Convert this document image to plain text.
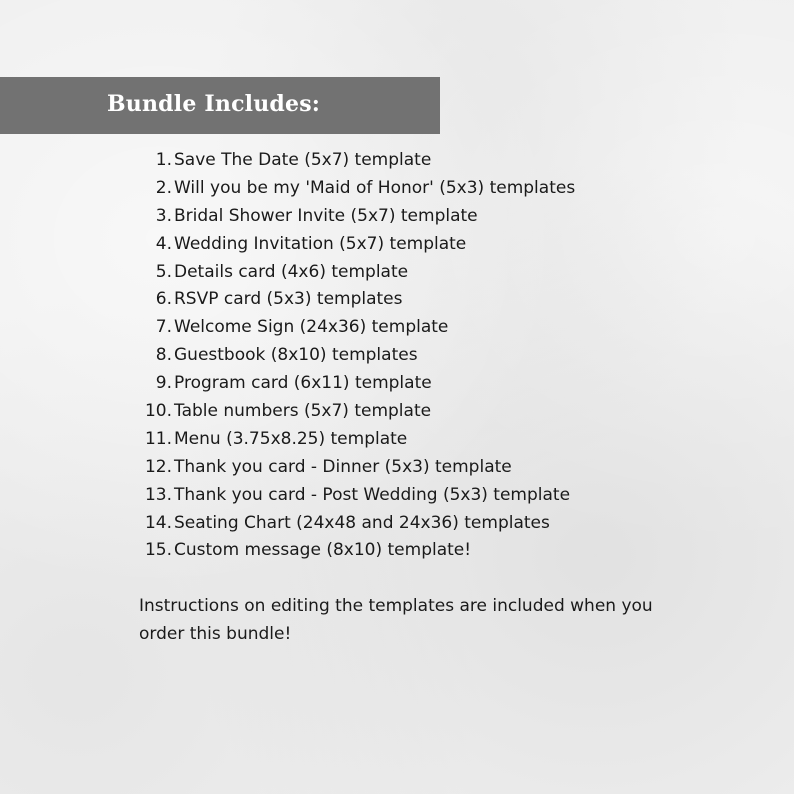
Bundle Includes:
1. Save The Date (5x7) template
2. Will you be my 'Maid of Honor' (5x3) templates
3. Bridal Shower Invite (5x7) template
4. Wedding Invitation (5x7) template
5. Details card (4x6) template
6. RSVP card (5x3) templates
7. Welcome Sign (24x36) template
8. Guestbook (8x10) templates
9. Program card (6x11) template
10. Table numbers (5x7) template
11. Menu (3.75x8.25) template
12. Thank you card - Dinner (5x3) template
13. Thank you card - Post Wedding (5x3) template
14. Seating Chart (24x48 and 24x36) templates
15. Custom message (8x10) template!

Instructions on editing the templates are included when you order this bundle!
